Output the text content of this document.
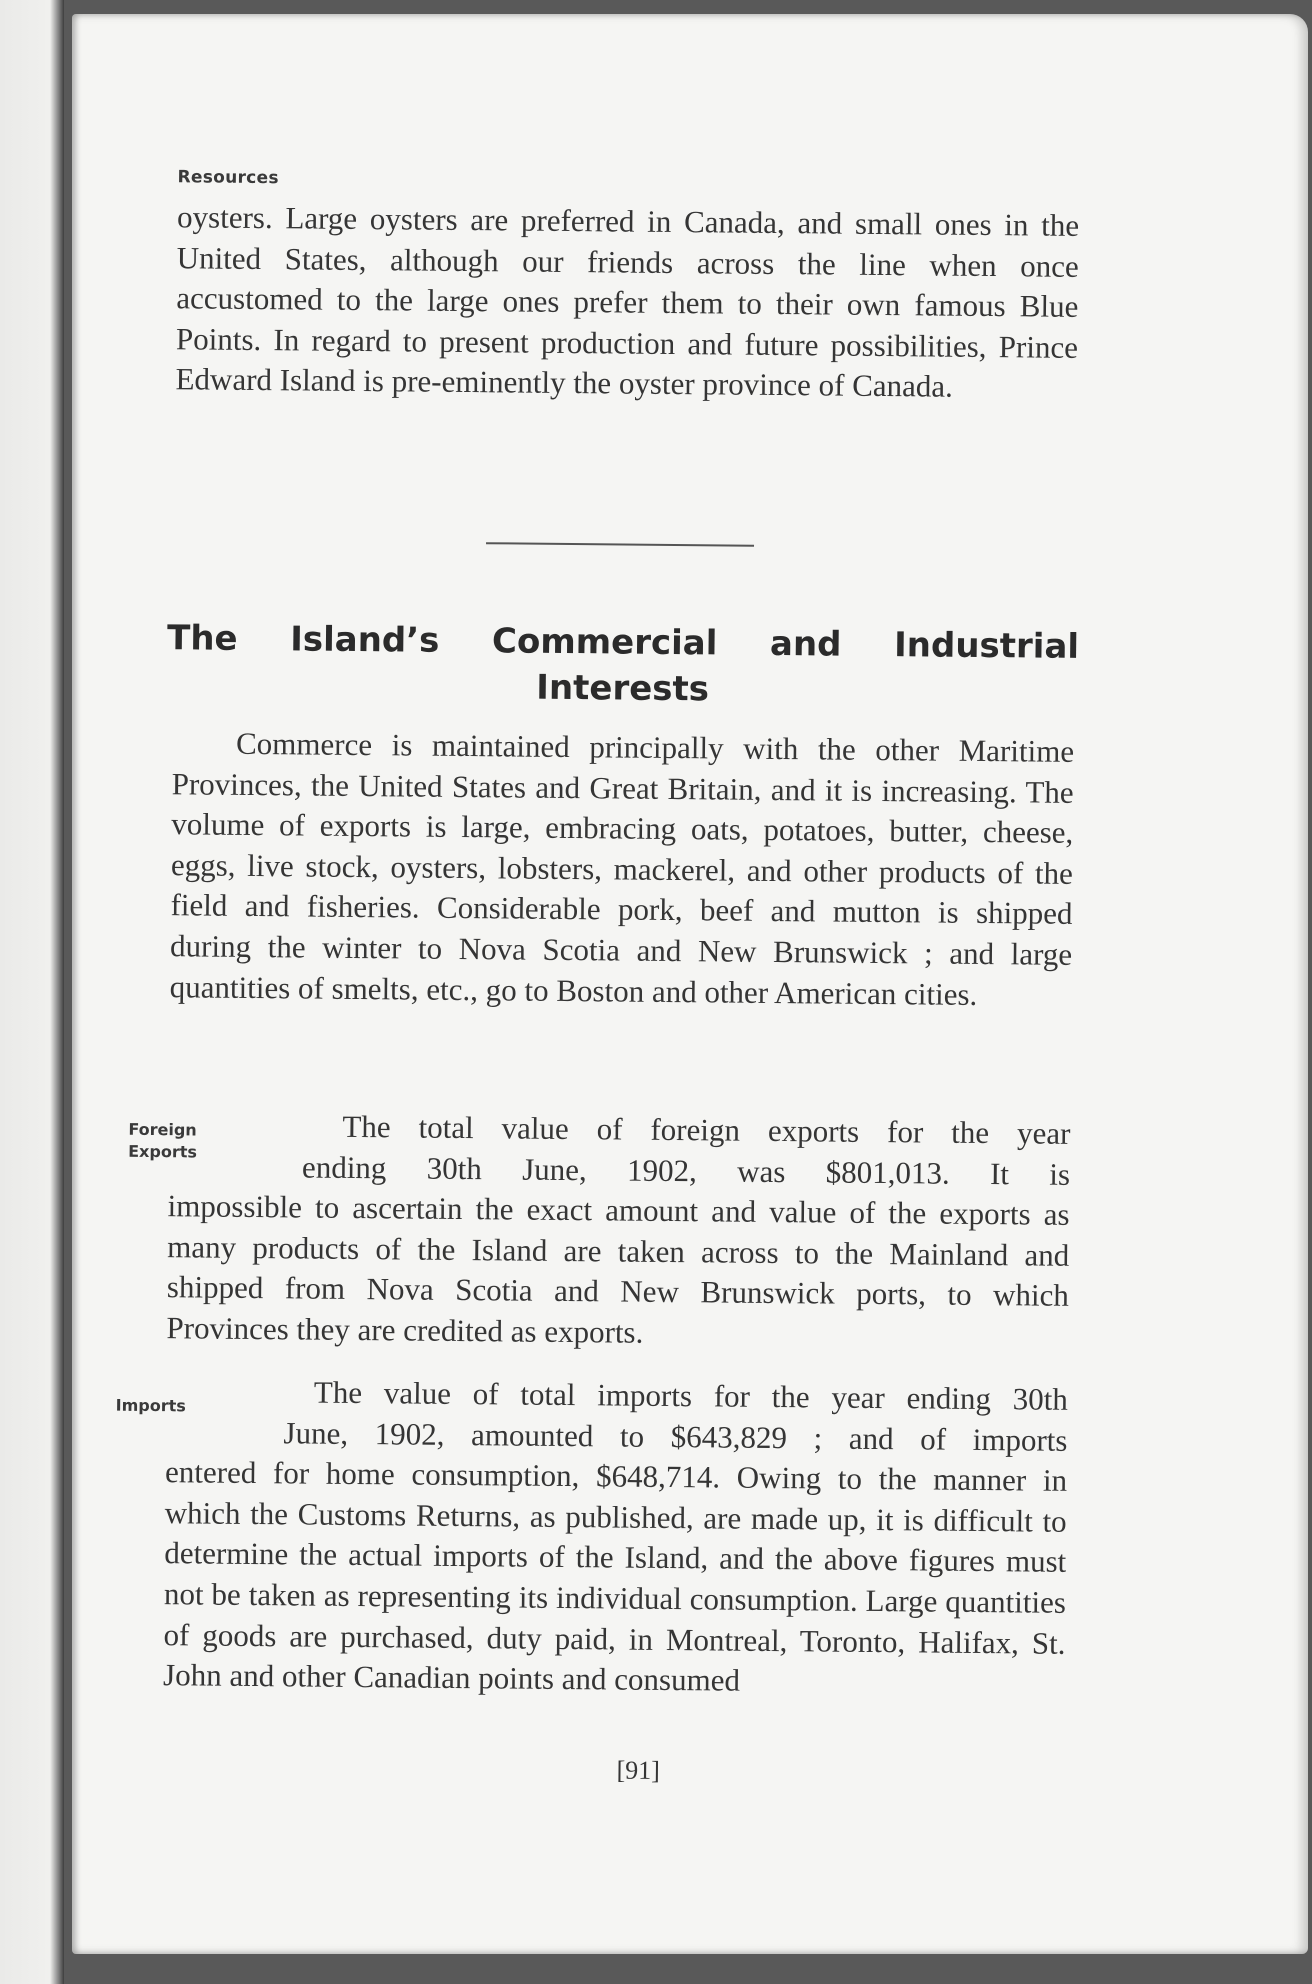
Resources

oysters. Large oysters are preferred in Canada, and small ones in the United States, although our friends across the line when once accustomed to the large ones prefer them to their own famous Blue Points. In regard to present production and future possibilities, Prince Edward Island is pre-eminently the oyster province of Canada.

The Island’s Commercial and Industrial
Interests

Commerce is maintained principally with the other Maritime Provinces, the United States and Great Britain, and it is increasing. The volume of exports is large, embracing oats, potatoes, butter, cheese, eggs, live stock, oysters, lobsters, mackerel, and other products of the field and fisheries. Considerable pork, beef and mutton is shipped during the winter to Nova Scotia and New Brunswick ; and large quantities of smelts, etc., go to Boston and other American cities.

Foreign
Exports
The total value of foreign exports for the year
ending 30th June, 1902, was $801,013. It is
impossible to ascertain the exact amount and value of the exports as many products of the Island are taken across to the Mainland and shipped from Nova Scotia and New Brunswick ports, to which Provinces they are credited as exports.
Imports	The value of total imports for the year ending 30th
June, 1902, amounted to $643,829 ; and of imports
entered for home consumption, $648,714. Owing to the manner in which the Customs Returns, as published, are made up, it is difficult to determine the actual imports of the Island, and the above figures must not be taken as representing its individual consumption. Large quantities of goods are purchased, duty paid, in Montreal, Toronto, Halifax, St. John and other Canadian points and consumed
[91]
